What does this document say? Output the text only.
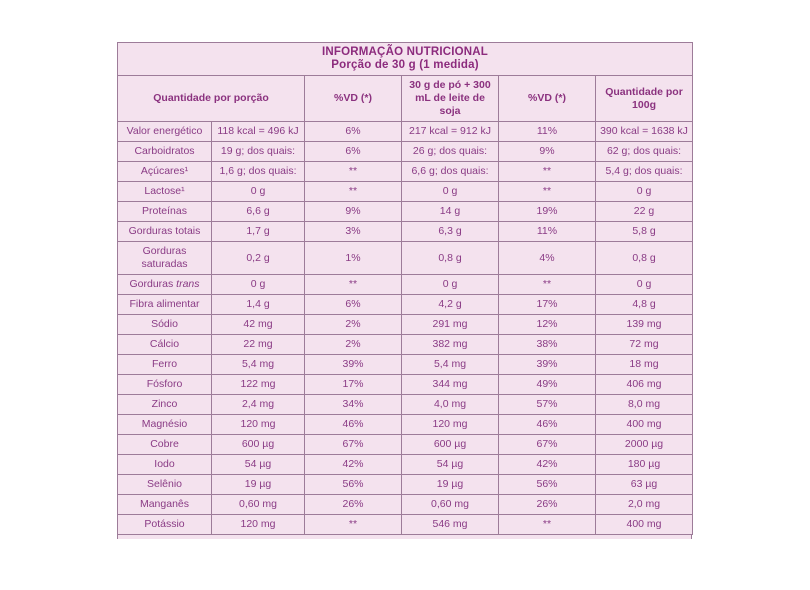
INFORMAÇÃO NUTRICIONAL
Porção de 30 g (1 medida)					

Quantidade por porção		%VD (*)	30 g de pó + 300 mL de leite de soja	%VD (*)	Quantidade por 100g
Valor energético	118 kcal = 496 kJ	6%	217 kcal = 912 kJ	11%	390 kcal = 1638 kJ
Carboidratos	19 g; dos quais:	6%	26 g; dos quais:	9%	62 g; dos quais:
Açúcares¹	1,6 g; dos quais:	**	6,6 g; dos quais:	**	5,4 g; dos quais:
Lactose¹	0 g	**	0 g	**	0 g
Proteínas	6,6 g	9%	14 g	19%	22 g
Gorduras totais	1,7 g	3%	6,3 g	11%	5,8 g
Gorduras saturadas	0,2 g	1%	0,8 g	4%	0,8 g
Gorduras trans	0 g	**	0 g	**	0 g
Fibra alimentar	1,4 g	6%	4,2 g	17%	4,8 g
Sódio	42 mg	2%	291 mg	12%	139 mg
Cálcio	22 mg	2%	382 mg	38%	72 mg
Ferro	5,4 mg	39%	5,4 mg	39%	18 mg
Fósforo	122 mg	17%	344 mg	49%	406 mg
Zinco	2,4 mg	34%	4,0 mg	57%	8,0 mg
Magnésio	120 mg	46%	120 mg	46%	400 mg
Cobre	600 µg	67%	600 µg	67%	2000 µg
Iodo	54 µg	42%	54 µg	42%	180 µg
Selênio	19 µg	56%	19 µg	56%	63 µg
Manganês	0,60 mg	26%	0,60 mg	26%	2,0 mg
Potássio	120 mg	**	546 mg	**	400 mg
